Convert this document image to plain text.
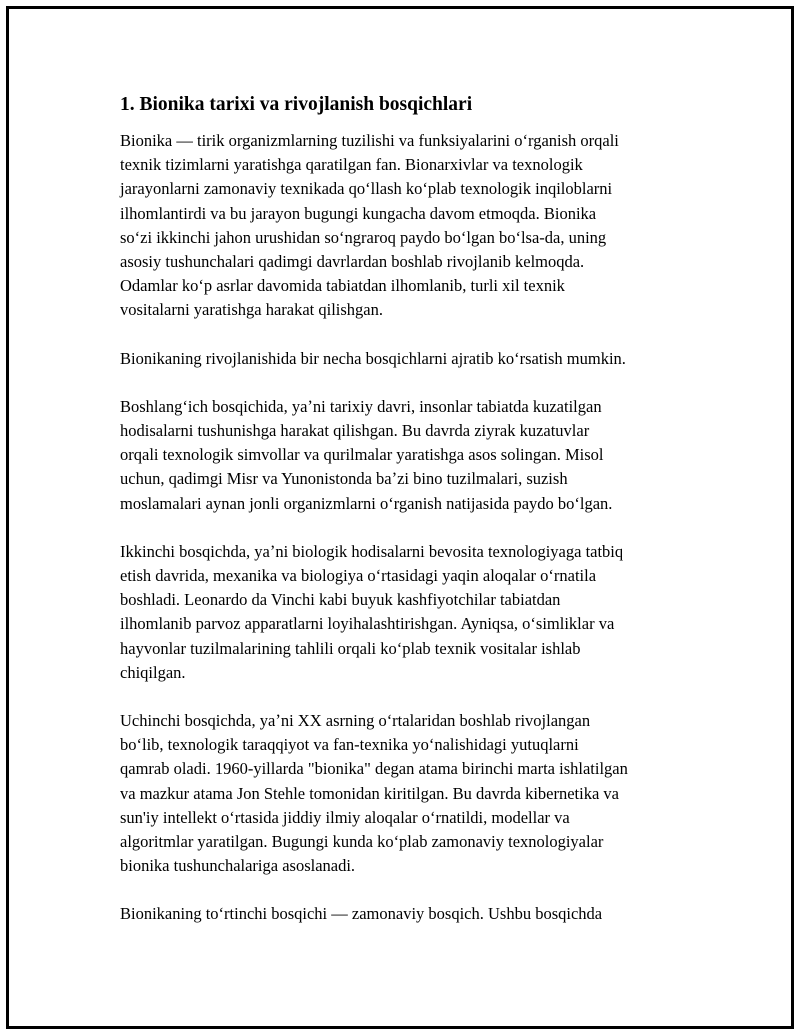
1. Bionika tarixi va rivojlanish bosqichlari
Bionika — tirik organizmlarning tuzilishi va funksiyalarini oʻrganish orqali
texnik tizimlarni yaratishga qaratilgan fan. Bionarxivlar va texnologik
jarayonlarni zamonaviy texnikada qoʻllash koʻplab texnologik inqiloblarni
ilhomlantirdi va bu jarayon bugungi kungacha davom etmoqda. Bionika
soʻzi ikkinchi jahon urushidan soʻngraroq paydo boʻlgan boʻlsa-da, uning
asosiy tushunchalari qadimgi davrlardan boshlab rivojlanib kelmoqda.
Odamlar koʻp asrlar davomida tabiatdan ilhomlanib, turli xil texnik
vositalarni yaratishga harakat qilishgan.
Bionikaning rivojlanishida bir necha bosqichlarni ajratib koʻrsatish mumkin.
Boshlangʻich bosqichida, yaʼni tarixiy davri, insonlar tabiatda kuzatilgan
hodisalarni tushunishga harakat qilishgan. Bu davrda ziyrak kuzatuvlar
orqali texnologik simvollar va qurilmalar yaratishga asos solingan. Misol
uchun, qadimgi Misr va Yunonistonda baʼzi bino tuzilmalari, suzish
moslamalari aynan jonli organizmlarni oʻrganish natijasida paydo boʻlgan.
Ikkinchi bosqichda, yaʼni biologik hodisalarni bevosita texnologiyaga tatbiq
etish davrida, mexanika va biologiya oʻrtasidagi yaqin aloqalar oʻrnatila
boshladi. Leonardo da Vinchi kabi buyuk kashfiyotchilar tabiatdan
ilhomlanib parvoz apparatlarni loyihalashtirishgan. Ayniqsa, oʻsimliklar va
hayvonlar tuzilmalarining tahlili orqali koʻplab texnik vositalar ishlab
chiqilgan.
Uchinchi bosqichda, yaʼni XX asrning oʻrtalaridan boshlab rivojlangan
boʻlib, texnologik taraqqiyot va fan-texnika yoʻnalishidagi yutuqlarni
qamrab oladi. 1960-yillarda "bionika" degan atama birinchi marta ishlatilgan
va mazkur atama Jon Stehle tomonidan kiritilgan. Bu davrda kibernetika va
sun'iy intellekt oʻrtasida jiddiy ilmiy aloqalar oʻrnatildi, modellar va
algoritmlar yaratilgan. Bugungi kunda koʻplab zamonaviy texnologiyalar
bionika tushunchalariga asoslanadi.
Bionikaning toʻrtinchi bosqichi — zamonaviy bosqich. Ushbu bosqichda
